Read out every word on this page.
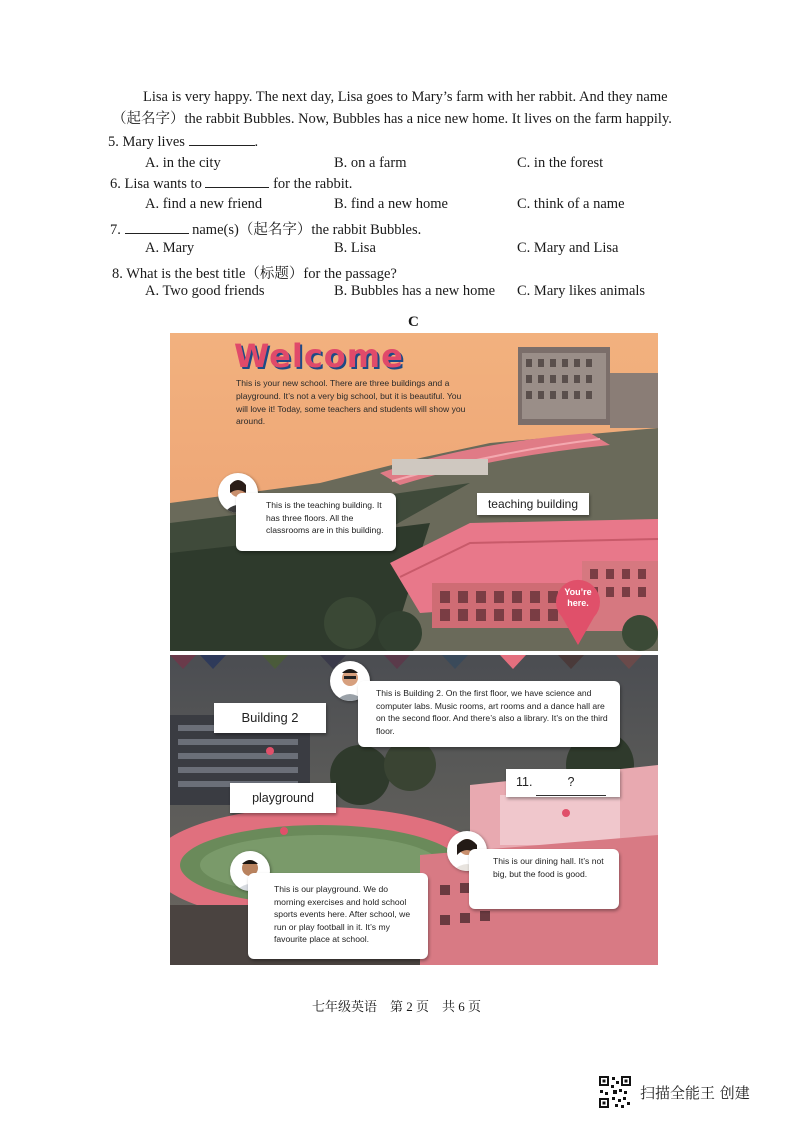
Lisa is very happy. The next day, Lisa goes to Mary’s farm with her rabbit. And they name
（起名字）the rabbit Bubbles. Now, Bubbles has a nice new home. It lives on the farm happily.
5. Mary lives	.
A. in the city	B. on a farm	C. in the forest
6. Lisa wants to	for the rabbit.
A. find a new friend	B. find a new home	C. think of a name
7.	name(s)（起名字）the rabbit Bubbles.
A. Mary	B. Lisa	C. Mary and Lisa
8. What is the best title（标题）for the passage?
A. Two good friends	B. Bubbles has a new home C. Mary likes animals
C
Welcome
This is your new school. There are three buildings and a playground. It’s not a very big school, but it is beautiful. You will love it! Today, some teachers and students will show you around.
This is the teaching building. It has three floors. All the classrooms are in this building.
teaching building
You’re here.
This is Building 2. On the first floor, we have science and computer labs. Music rooms, art rooms and a dance hall are on the second floor. And there’s also a library. It’s on the third floor.
Building 2
playground
11.	?
This is our dining hall. It’s not big, but the food is good.
This is our playground. We do morning exercises and hold school sports events here. After school, we run or play football in it. It’s my favourite place at school.
七年级英语　第 2 页　共 6 页
扫描全能王 创建
